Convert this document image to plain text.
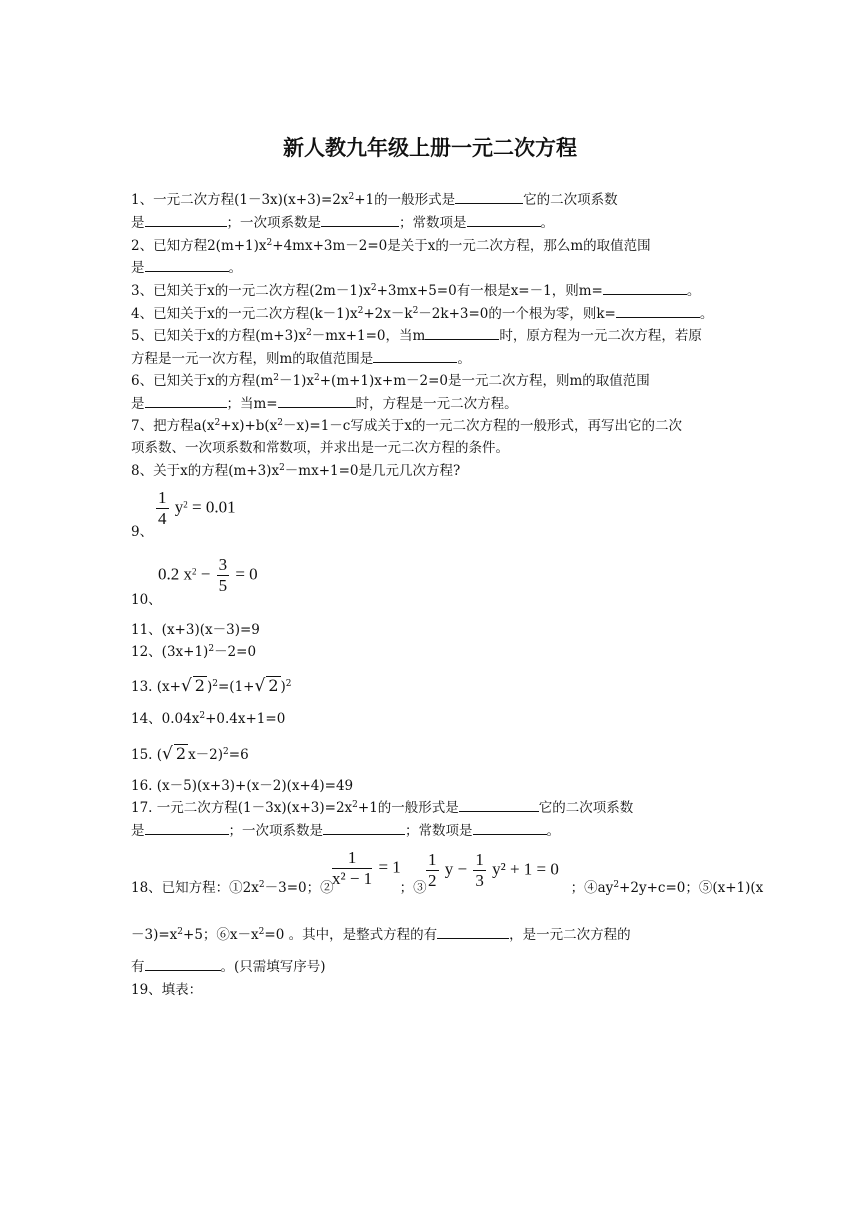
新人教九年级上册一元二次方程
1、一元二次方程$(1-3x)(x+3)=2x^2+1$的一般形式是	它的二次项系数
是	；一次项系数是	；常数项是	。
2、已知方程$2(m+1)x^2+4mx+3m-2=0$是关于x的一元二次方程，那么m的取值范围
是	。
3、已知关于x的一元二次方程$(2m-1)x^2+3mx+5=0$有一根是x=－1，则m=	。
4、已知关于x的一元二次方程$(k-1)x^2+2x-k^2-2k+3=0$的一个根为零，则k=	。
5、已知关于x的方程$(m+3)x^2-mx+1=0$，当m	时，原方程为一元二次方程，若原
方程是一元一次方程，则m的取值范围是	。
6、已知关于x的方程$(m^2-1)x^2+(m+1)x+m-2=0$是一元二次方程，则m的取值范围
是	；当m=	时，方程是一元二次方程。
7、把方程$a(x^2+x)+b(x^2-x)=1-c$写成关于x的一元二次方程的一般形式，再写出它的二次
项系数、一次项系数和常数项，并求出是一元二次方程的条件。
8、关于x的方程$(m+3)x^2-mx+1=0$是几元几次方程?
$\frac{1}{4} y^2 = 0.01$
9、
0.2 $x^2 - \frac{3}{5} = 0$
10、
11、(x+3)(x－3)=9
12、$(3x+1)^2-2=0$
13. (x+√ 2 )$^2$=(1+√ 2 )$^2$
14、$0.04x^2+0.4x+1=0$
15. (√ 2 x－2)$^2$=6
16. (x－5)(x+3)+(x－2)(x+4)=49
17. 一元二次方程$(1-3x)(x+3)=2x^2+1$的一般形式是	它的二次项系数
是	；一次项系数是	；常数项是	。
$\frac{1}{\text{x² − 1}} = 1 \frac{1}{2}$ $y - \frac{1}{3} y^2 + 1 = 0$
18、已知方程：$①2x^2-3=0$；②	；③	；$④ay^2+2y+c=0$；⑤(x+1)(x
$-3)=x^2+5$；$⑥x-x^2=0$ 。其中，是整式方程的有	，是一元二次方程的
有	。(只需填写序号)
19、填表：
